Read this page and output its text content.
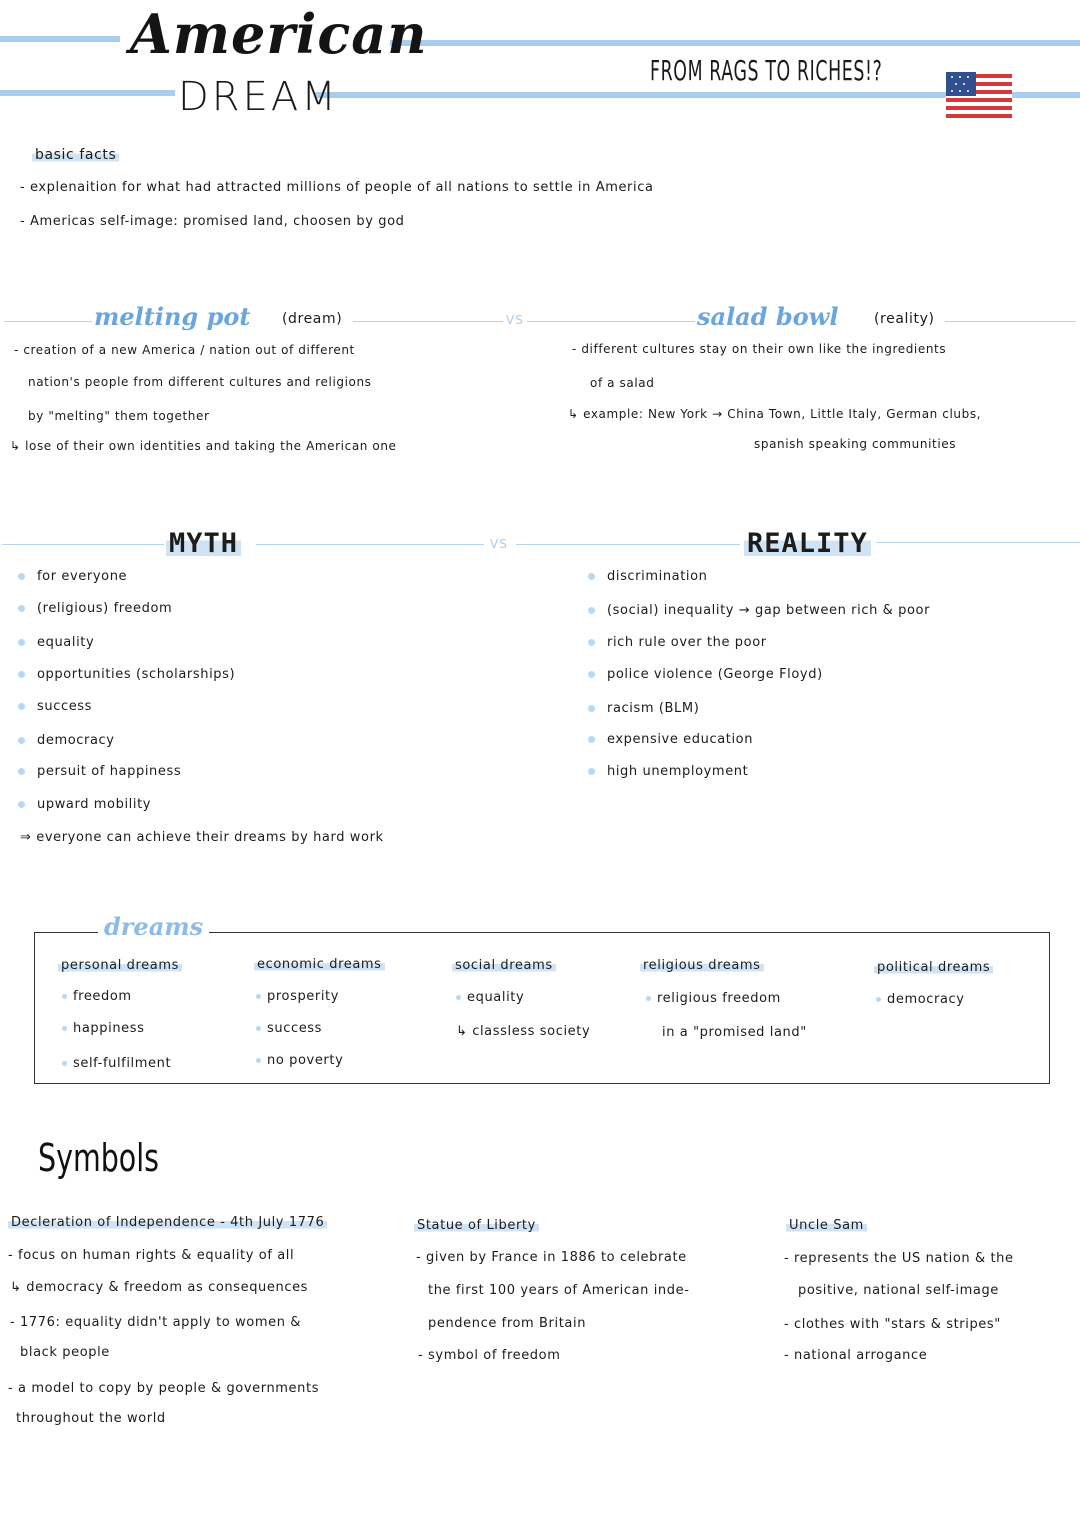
American
DREAM
FROM RAGS TO RICHES!?
basic facts
- explenaition for what had attracted millions of people of all nations to settle in America
- Americas self-image: promised land, choosen by god
melting pot (dream)	VS	salad bowl	(reality)
- creation of a new America / nation out of different
nation's people from different cultures and religions
by "melting" them together
↳ lose of their own identities and taking the American one
- different cultures stay on their own like the ingredients
of a salad
↳ example: New York → China Town, Little Italy, German clubs,
spanish speaking communities
MYTH	VS	REALITY
for everyone
(religious) freedom
equality
opportunities (scholarships)
success
democracy
persuit of happiness
upward mobility
⇒ everyone can achieve their dreams by hard work
discrimination
(social) inequality → gap between rich & poor
rich rule over the poor
police violence (George Floyd)
racism (BLM)
expensive education
high unemployment
dreams
personal dreams
freedom
happiness
self-fulfilment
economic dreams
prosperity
success
no poverty
social dreams
equality
↳ classless society
religious dreams
religious freedom
in a "promised land"
political dreams
democracy
Symbols
Decleration of Independence - 4th July 1776
- focus on human rights & equality of all
↳ democracy & freedom as consequences
- 1776: equality didn't apply to women &
black people
- a model to copy by people & governments
throughout the world
Statue of Liberty
- given by France in 1886 to celebrate
the first 100 years of American inde-
pendence from Britain
- symbol of freedom
Uncle Sam
- represents the US nation & the
positive, national self-image
- clothes with "stars & stripes"
- national arrogance
